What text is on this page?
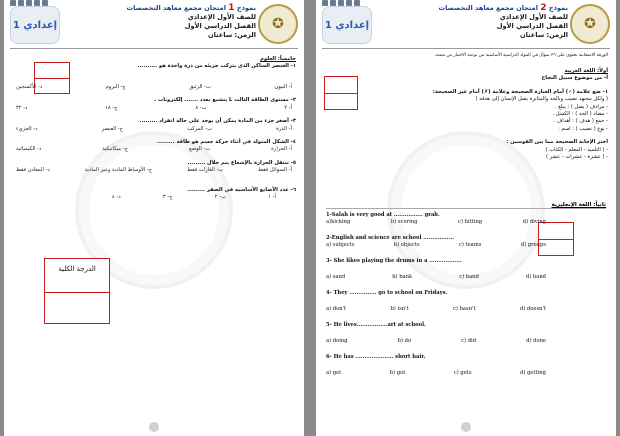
إعدادي 1
نموذج 1 امتحان مجمع معاهد التخصصات
للصف الأول الإعدادي
الفصل الدراسي الأول
الزمن: ساعتان
✪
خامساً: العلوم
١- العنصر الساكن الذي يتركب جزيئه من ذرة واحدة هو ..........
أ- النيون
ب- الزئبق
ج- البروم
د- الأكسجين
٢- مستوى الطاقة الثالث L يتشبع بعدد ....... إلكترونات .
أ- ٢
ب- ٨
ج- ١٨
د- ٣٢
٣- أصغر جزء من المادة يمكن أن يوجد على حالة انفراد .........
أ- الذرة
ب- المركب
ج- العنصر
د- الجزيء
٤- الشكل المتولد في أثناء حركة جسم هو طاقة .........
أ- الحرارة
ب- الوضع
ج- ميكانيكية
د- الكيميائية
٥- تنتقل الحرارة بالإشعاع يتم خلال .........
أ- السوائل فقط
ب- الغازات فقط
ج- الأوساط المادية وغير المادية
د- المعادن فقط
٦- عدد الأصابع الأساسية في الصقر .........
أ- ١
ب- ٢
ج- ٣
د- ٤
الدرجة الكلية
إعدادي 1
نموذج 2 امتحان مجمع معاهد التخصصات
للصف الأول الإعدادي
الفصل الدراسي الأول
الزمن: ساعتان
✪
الورقة الامتحانية تحتوي على ٣٦ سؤال في المواد الدراسية الأساسية من نوعية الاختيار من متعدد
أولاً: اللغة العربية
أ- من موضوع سبيل النجاح
١- ضع علامة (✓) أمام العبارة الصحيحة وعلامة (✗) أمام غير الصحيحة:
( ولكل مجتهد نصيب وبالجد والمثابرة يصل الإنسان إلى هدفه )
- مرادف ( يصل ) : يبلغ .
- مضاد ( الجد ) : الكسل .
- جمع ( هدف ) : أهداف .
- نوع ( نصيب ) : اسم .
اختر الإجابة الصحيحة مما بين القوسين :
- ( التلميذ - المعلم - الكتاب )
- ( عشرة - عشرات - عشر )
ثانياً: اللغة الإنجليزية
1-Salah is very good at ................ grab.
a)kicking	b) scoring	c) hitting	d) diving
2-English and science are school .................
a) subjects	b) objects	c) teams	d) groups
3- She likes playing the drums in a ..................
a) sand	b) bank	c) band	d) hand
4- They ............... go to school on Fridays.
a) don't	b) isn't	c) hasn't	d) doesn't
5- He lives.................art at school.
a) doing	b) do	c) did	d) done
6- He has ..................... short hair.
a) get	b) got	c) gets	d) getting
